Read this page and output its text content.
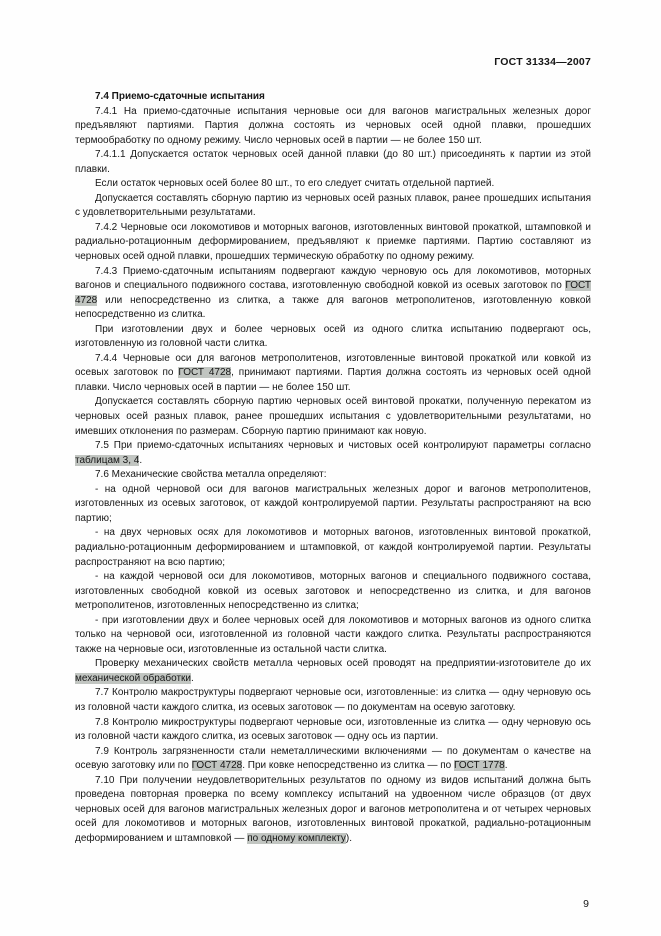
ГОСТ 31334—2007

7.4 Приемо-сдаточные испытания

7.4.1 На приемо-сдаточные испытания черновые оси для вагонов магистральных железных дорог предъявляют партиями. Партия должна состоять из черновых осей одной плавки, прошедших термообработку по одному режиму. Число черновых осей в партии — не более 150 шт.

7.4.1.1 Допускается остаток черновых осей данной плавки (до 80 шт.) присоединять к партии из этой плавки.

Если остаток черновых осей более 80 шт., то его следует считать отдельной партией.

Допускается составлять сборную партию из черновых осей разных плавок, ранее прошедших испытания с удовлетворительными результатами.

7.4.2 Черновые оси локомотивов и моторных вагонов, изготовленных винтовой прокаткой, штамповкой и радиально-ротационным деформированием, предъявляют к приемке партиями. Партию составляют из черновых осей одной плавки, прошедших термическую обработку по одному режиму.

7.4.3 Приемо-сдаточным испытаниям подвергают каждую черновую ось для локомотивов, моторных вагонов и специального подвижного состава, изготовленную свободной ковкой из осевых заготовок по ГОСТ 4728 или непосредственно из слитка, а также для вагонов метрополитенов, изготовленную ковкой непосредственно из слитка.

При изготовлении двух и более черновых осей из одного слитка испытанию подвергают ось, изготовленную из головной части слитка.

7.4.4 Черновые оси для вагонов метрополитенов, изготовленные винтовой прокаткой или ковкой из осевых заготовок по ГОСТ 4728, принимают партиями. Партия должна состоять из черновых осей одной плавки. Число черновых осей в партии — не более 150 шт.

Допускается составлять сборную партию черновых осей винтовой прокатки, полученную перекатом из черновых осей разных плавок, ранее прошедших испытания с удовлетворительными результатами, но имевших отклонения по размерам. Сборную партию принимают как новую.

7.5 При приемо-сдаточных испытаниях черновых и чистовых осей контролируют параметры согласно таблицам 3, 4.

7.6 Механические свойства металла определяют:

- на одной черновой оси для вагонов магистральных железных дорог и вагонов метрополитенов, изготовленных из осевых заготовок, от каждой контролируемой партии. Результаты распространяют на всю партию;

- на двух черновых осях для локомотивов и моторных вагонов, изготовленных винтовой прокаткой, радиально-ротационным деформированием и штамповкой, от каждой контролируемой партии. Результаты распространяют на всю партию;

- на каждой черновой оси для локомотивов, моторных вагонов и специального подвижного состава, изготовленных свободной ковкой из осевых заготовок и непосредственно из слитка, и для вагонов метрополитенов, изготовленных непосредственно из слитка;

- при изготовлении двух и более черновых осей для локомотивов и моторных вагонов из одного слитка только на черновой оси, изготовленной из головной части каждого слитка. Результаты распространяются также на черновые оси, изготовленные из остальной части слитка.

Проверку механических свойств металла черновых осей проводят на предприятии-изготовителе до их механической обработки.

7.7 Контролю макроструктуры подвергают черновые оси, изготовленные: из слитка — одну черновую ось из головной части каждого слитка, из осевых заготовок — по документам на осевую заготовку.

7.8 Контролю микроструктуры подвергают черновые оси, изготовленные из слитка — одну черновую ось из головной части каждого слитка, из осевых заготовок — одну ось из партии.

7.9 Контроль загрязненности стали неметаллическими включениями — по документам о качестве на осевую заготовку или по ГОСТ 4728. При ковке непосредственно из слитка — по ГОСТ 1778.

7.10 При получении неудовлетворительных результатов по одному из видов испытаний должна быть проведена повторная проверка по всему комплексу испытаний на удвоенном числе образцов (от двух черновых осей для вагонов магистральных железных дорог и вагонов метрополитена и от четырех черновых осей для локомотивов и моторных вагонов, изготовленных винтовой прокаткой, радиально-ротационным деформированием и штамповкой — по одному комплекту).

9
